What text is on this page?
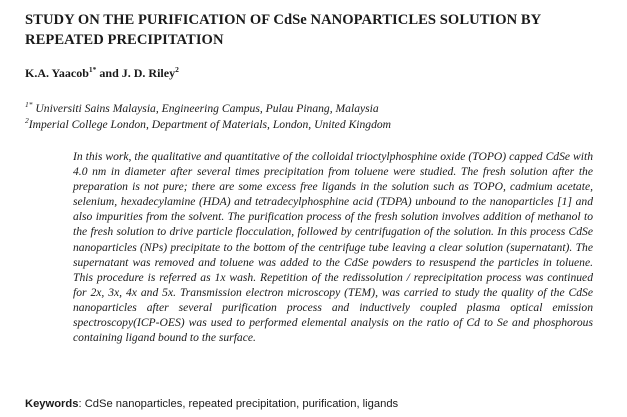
STUDY ON THE PURIFICATION OF CdSe NANOPARTICLES SOLUTION BY REPEATED PRECIPITATION
K.A. Yaacob$^{1*}$ and J. D. Riley$^2$
$^{1*}$ Universiti Sains Malaysia, Engineering Campus, Pulau Pinang, Malaysia
$^2$Imperial College London, Department of Materials, London, United Kingdom

In this work, the qualitative and quantitative of the colloidal trioctylphosphine oxide (TOPO) capped CdSe with 4.0 nm in diameter after several times precipitation from toluene were studied. The fresh solution after the preparation is not pure; there are some excess free ligands in the solution such as TOPO, cadmium acetate, selenium, hexadecylamine (HDA) and tetradecylphosphine acid (TDPA) unbound to the nanoparticles [1] and also impurities from the solvent. The purification process of the fresh solution involves addition of methanol to the fresh solution to drive particle flocculation, followed by centrifugation of the solution. In this process CdSe nanoparticles (NPs) precipitate to the bottom of the centrifuge tube leaving a clear solution (supernatant). The supernatant was removed and toluene was added to the CdSe powders to resuspend the particles in toluene. This procedure is referred as 1x wash. Repetition of the redissolution / reprecipitation process was continued for 2x, 3x, 4x and 5x. Transmission electron microscopy (TEM), was carried to study the quality of the CdSe nanoparticles after several purification process and inductively coupled plasma optical emission spectroscopy(ICP-OES) was used to performed elemental analysis on the ratio of Cd to Se and phosphorous containing ligand bound to the surface.

Keywords: CdSe nanoparticles, repeated precipitation, purification, ligands
